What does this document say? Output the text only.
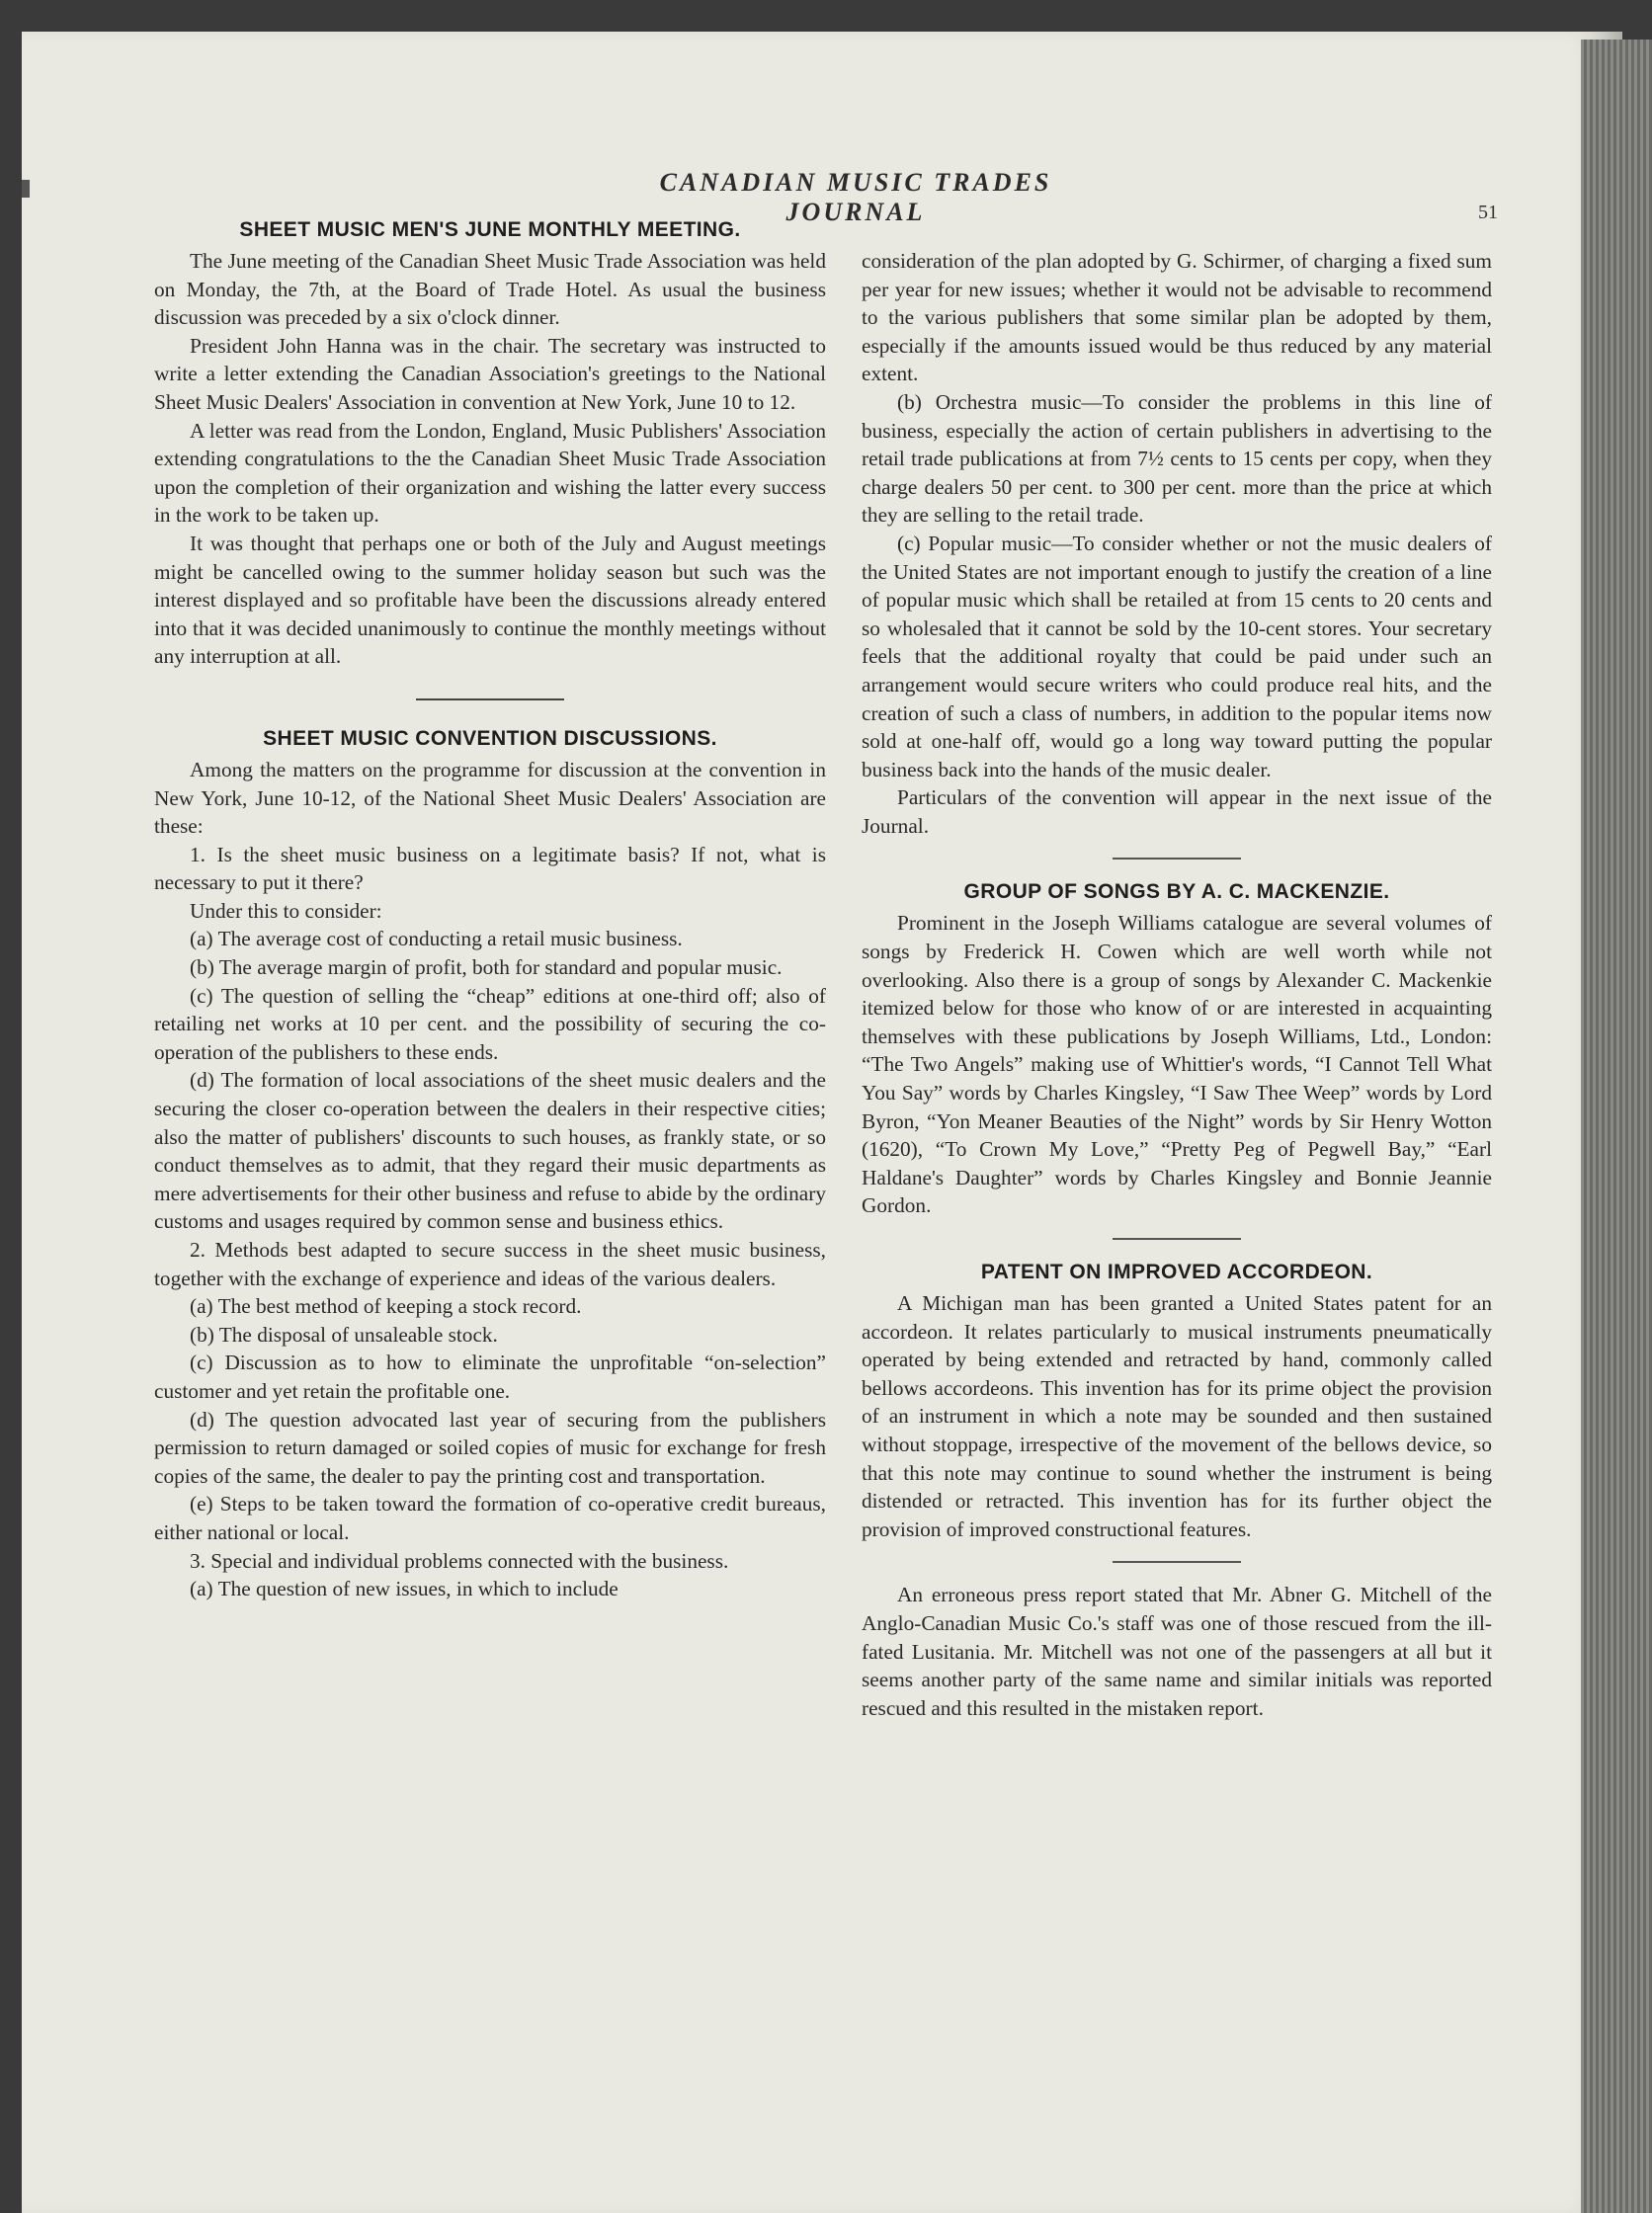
CANADIAN MUSIC TRADES JOURNAL	51
SHEET MUSIC MEN'S JUNE MONTHLY MEETING.

The June meeting of the Canadian Sheet Music Trade Association was held on Monday, the 7th, at the Board of Trade Hotel. As usual the business discussion was preceded by a six o'clock dinner.

President John Hanna was in the chair. The secretary was instructed to write a letter extending the Canadian Association's greetings to the National Sheet Music Dealers' Association in convention at New York, June 10 to 12.

A letter was read from the London, England, Music Publishers' Association extending congratulations to the the Canadian Sheet Music Trade Association upon the completion of their organization and wishing the latter every success in the work to be taken up.

It was thought that perhaps one or both of the July and August meetings might be cancelled owing to the summer holiday season but such was the interest displayed and so profitable have been the discussions already entered into that it was decided unanimously to continue the monthly meetings without any interruption at all.

SHEET MUSIC CONVENTION DISCUSSIONS.

Among the matters on the programme for discussion at the convention in New York, June 10-12, of the National Sheet Music Dealers' Association are these:

1. Is the sheet music business on a legitimate basis? If not, what is necessary to put it there?

Under this to consider:

(a) The average cost of conducting a retail music business.

(b) The average margin of profit, both for standard and popular music.

(c) The question of selling the “cheap” editions at one-third off; also of retailing net works at 10 per cent. and the possibility of securing the co-operation of the publishers to these ends.

(d) The formation of local associations of the sheet music dealers and the securing the closer co-operation between the dealers in their respective cities; also the matter of publishers' discounts to such houses, as frankly state, or so conduct themselves as to admit, that they regard their music departments as mere advertisements for their other business and refuse to abide by the ordinary customs and usages required by common sense and business ethics.

2. Methods best adapted to secure success in the sheet music business, together with the exchange of experience and ideas of the various dealers.

(a) The best method of keeping a stock record.

(b) The disposal of unsaleable stock.

(c) Discussion as to how to eliminate the unprofitable “on-selection” customer and yet retain the profitable one.

(d) The question advocated last year of securing from the publishers permission to return damaged or soiled copies of music for exchange for fresh copies of the same, the dealer to pay the printing cost and transportation.

(e) Steps to be taken toward the formation of co-operative credit bureaus, either national or local.

3. Special and individual problems connected with the business.

(a) The question of new issues, in which to include

consideration of the plan adopted by G. Schirmer, of charging a fixed sum per year for new issues; whether it would not be advisable to recommend to the various publishers that some similar plan be adopted by them, especially if the amounts issued would be thus reduced by any material extent.

(b) Orchestra music—To consider the problems in this line of business, especially the action of certain publishers in advertising to the retail trade publications at from 7½ cents to 15 cents per copy, when they charge dealers 50 per cent. to 300 per cent. more than the price at which they are selling to the retail trade.

(c) Popular music—To consider whether or not the music dealers of the United States are not important enough to justify the creation of a line of popular music which shall be retailed at from 15 cents to 20 cents and so wholesaled that it cannot be sold by the 10-cent stores. Your secretary feels that the additional royalty that could be paid under such an arrangement would secure writers who could produce real hits, and the creation of such a class of numbers, in addition to the popular items now sold at one-half off, would go a long way toward putting the popular business back into the hands of the music dealer.

Particulars of the convention will appear in the next issue of the Journal.

GROUP OF SONGS BY A. C. MACKENZIE.

Prominent in the Joseph Williams catalogue are several volumes of songs by Frederick H. Cowen which are well worth while not overlooking. Also there is a group of songs by Alexander C. Mackenkie itemized below for those who know of or are interested in acquainting themselves with these publications by Joseph Williams, Ltd., London: “The Two Angels” making use of Whittier's words, “I Cannot Tell What You Say” words by Charles Kingsley, “I Saw Thee Weep” words by Lord Byron, “Yon Meaner Beauties of the Night” words by Sir Henry Wotton (1620), “To Crown My Love,” “Pretty Peg of Pegwell Bay,” “Earl Haldane's Daughter” words by Charles Kingsley and Bonnie Jeannie Gordon.

PATENT ON IMPROVED ACCORDEON.

A Michigan man has been granted a United States patent for an accordeon. It relates particularly to musical instruments pneumatically operated by being extended and retracted by hand, commonly called bellows accordeons. This invention has for its prime object the provision of an instrument in which a note may be sounded and then sustained without stoppage, irrespective of the movement of the bellows device, so that this note may continue to sound whether the instrument is being distended or retracted. This invention has for its further object the provision of improved constructional features.

An erroneous press report stated that Mr. Abner G. Mitchell of the Anglo-Canadian Music Co.'s staff was one of those rescued from the ill-fated Lusitania. Mr. Mitchell was not one of the passengers at all but it seems another party of the same name and similar initials was reported rescued and this resulted in the mistaken report.
